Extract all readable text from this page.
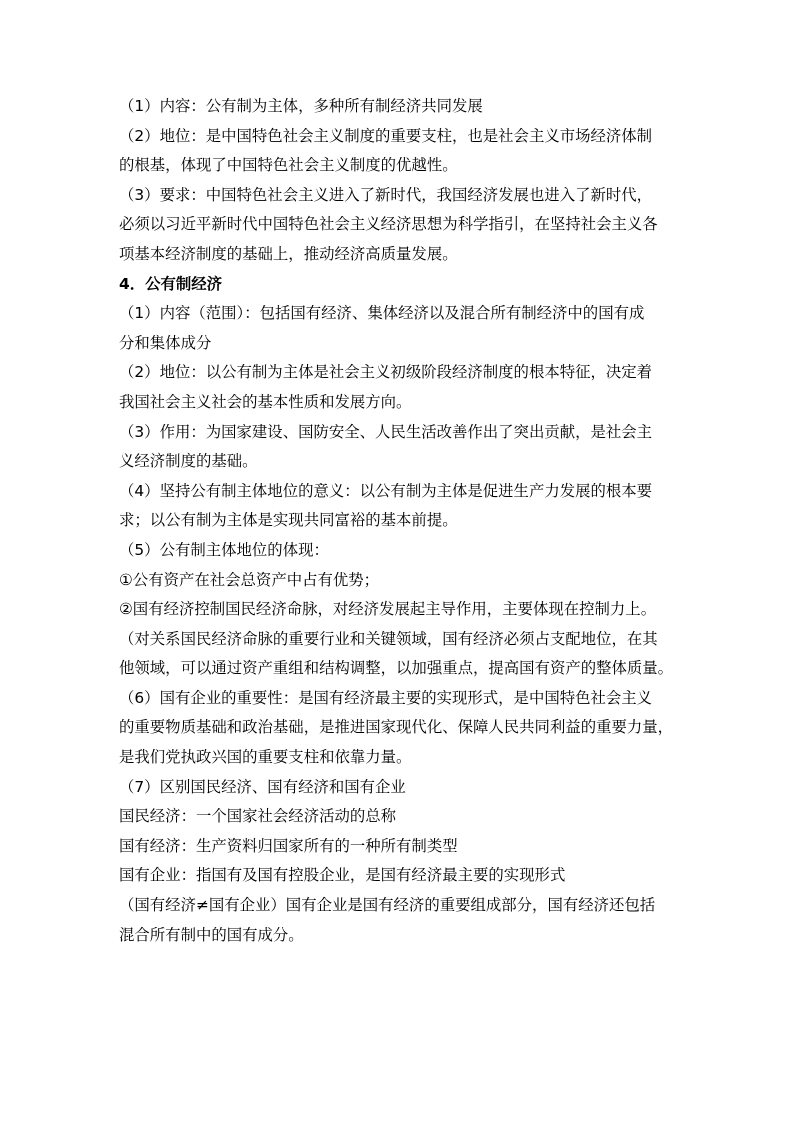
（1）内容：公有制为主体，多种所有制经济共同发展

（2）地位：是中国特色社会主义制度的重要支柱，也是社会主义市场经济体制

的根基，体现了中国特色社会主义制度的优越性。

（3）要求：中国特色社会主义进入了新时代，我国经济发展也进入了新时代，

必须以习近平新时代中国特色社会主义经济思想为科学指引，在坚持社会主义各

项基本经济制度的基础上，推动经济高质量发展。

4．公有制经济

（1）内容（范围）：包括国有经济、集体经济以及混合所有制经济中的国有成

分和集体成分

（2）地位：以公有制为主体是社会主义初级阶段经济制度的根本特征，决定着

我国社会主义社会的基本性质和发展方向。

（3）作用：为国家建设、国防安全、人民生活改善作出了突出贡献，是社会主

义经济制度的基础。

（4）坚持公有制主体地位的意义：以公有制为主体是促进生产力发展的根本要

求；以公有制为主体是实现共同富裕的基本前提。

（5）公有制主体地位的体现：

①公有资产在社会总资产中占有优势；

②国有经济控制国民经济命脉，对经济发展起主导作用，主要体现在控制力上。

（对关系国民经济命脉的重要行业和关键领域，国有经济必须占支配地位，在其

他领域，可以通过资产重组和结构调整，以加强重点，提高国有资产的整体质量。

（6）国有企业的重要性：是国有经济最主要的实现形式，是中国特色社会主义

的重要物质基础和政治基础，是推进国家现代化、保障人民共同利益的重要力量，

是我们党执政兴国的重要支柱和依靠力量。

（7）区别国民经济、国有经济和国有企业

国民经济：一个国家社会经济活动的总称

国有经济：生产资料归国家所有的一种所有制类型

国有企业：指国有及国有控股企业，是国有经济最主要的实现形式

（国有经济≠国有企业）国有企业是国有经济的重要组成部分，国有经济还包括

混合所有制中的国有成分。
